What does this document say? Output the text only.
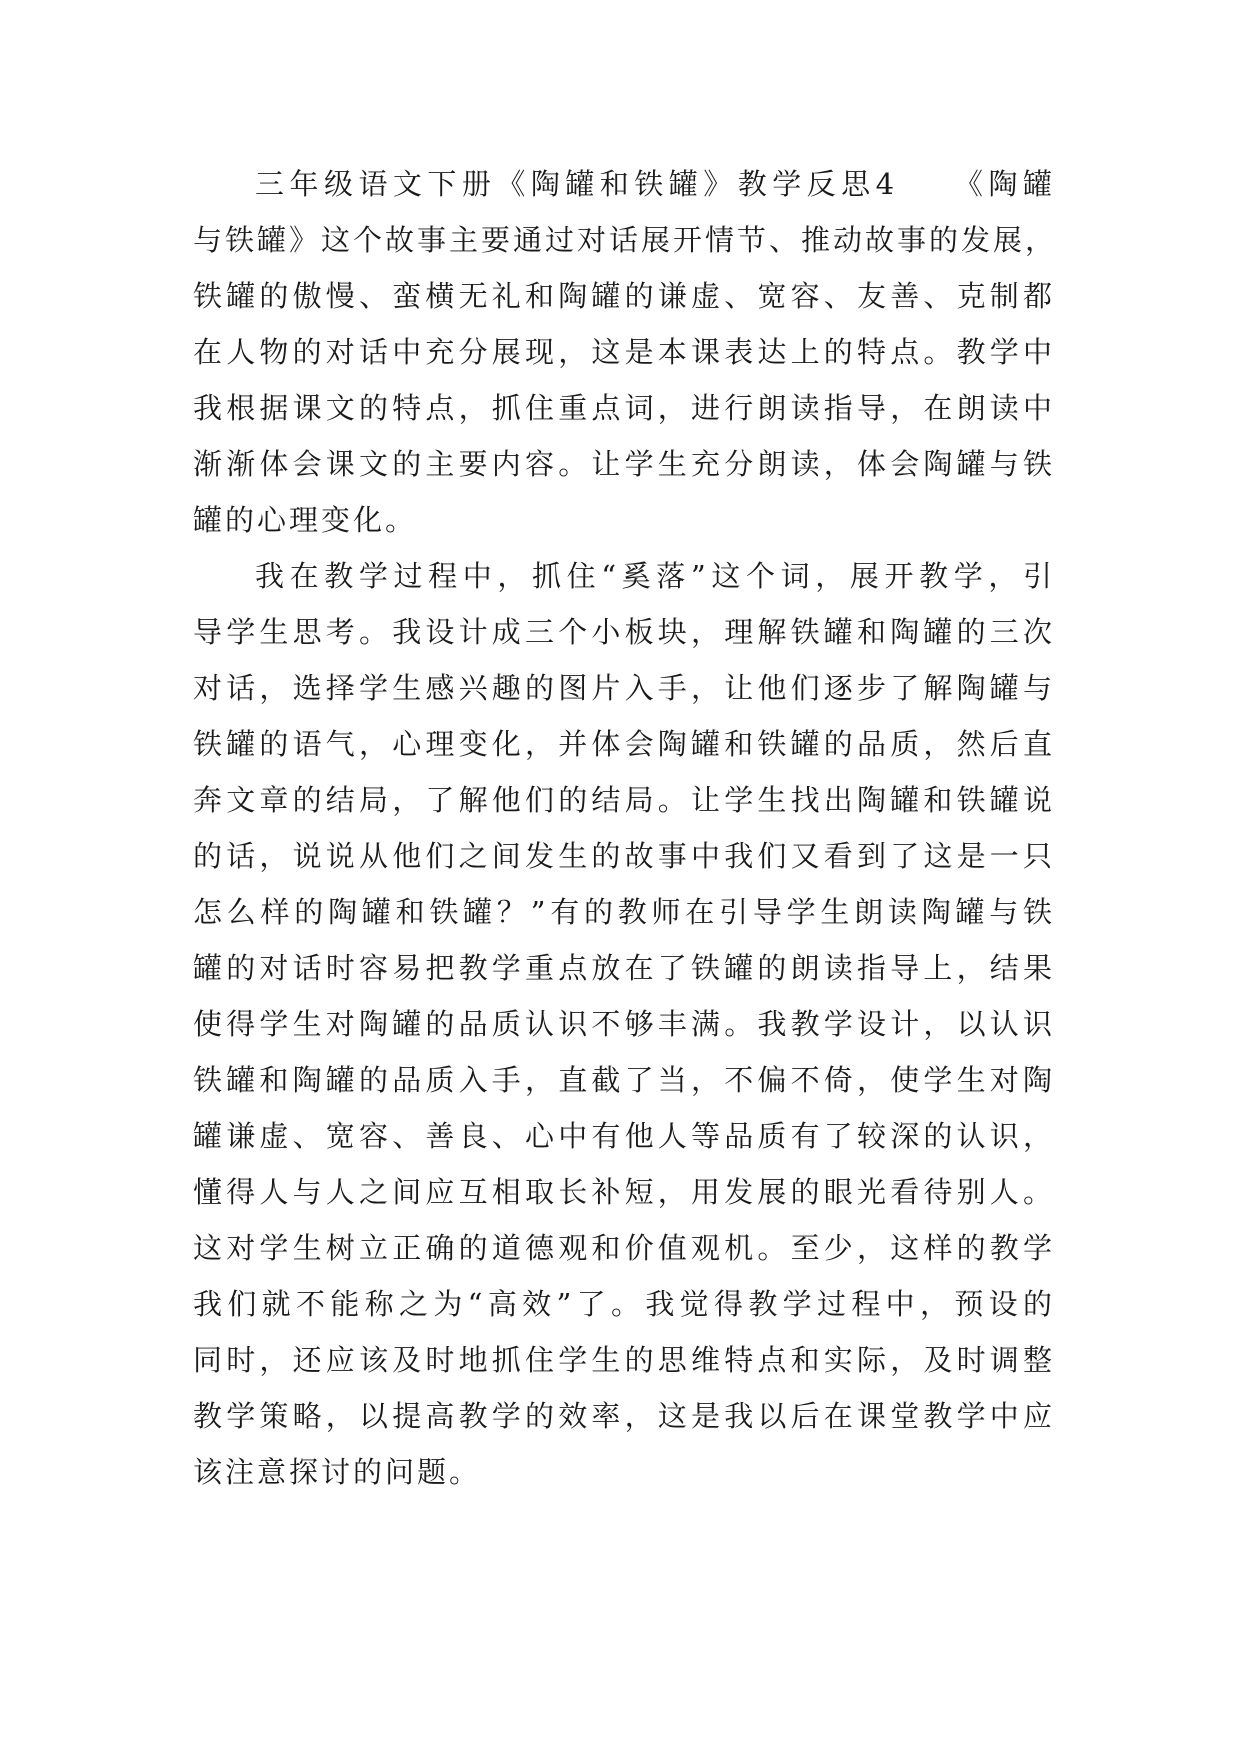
三年级语文下册《陶罐和铁罐》教学反思4　　《陶罐
与铁罐》这个故事主要通过对话展开情节、推动故事的发展，
铁罐的傲慢、蛮横无礼和陶罐的谦虚、宽容、友善、克制都
在人物的对话中充分展现，这是本课表达上的特点。教学中
我根据课文的特点，抓住重点词，进行朗读指导，在朗读中
渐渐体会课文的主要内容。让学生充分朗读，体会陶罐与铁
罐的心理变化。
我在教学过程中，抓住“奚落”这个词，展开教学，引
导学生思考。我设计成三个小板块，理解铁罐和陶罐的三次
对话，选择学生感兴趣的图片入手，让他们逐步了解陶罐与
铁罐的语气，心理变化，并体会陶罐和铁罐的品质，然后直
奔文章的结局，了解他们的结局。让学生找出陶罐和铁罐说
的话，说说从他们之间发生的故事中我们又看到了这是一只
怎么样的陶罐和铁罐？”有的教师在引导学生朗读陶罐与铁
罐的对话时容易把教学重点放在了铁罐的朗读指导上，结果
使得学生对陶罐的品质认识不够丰满。我教学设计，以认识
铁罐和陶罐的品质入手，直截了当，不偏不倚，使学生对陶
罐谦虚、宽容、善良、心中有他人等品质有了较深的认识，
懂得人与人之间应互相取长补短，用发展的眼光看待别人。
这对学生树立正确的道德观和价值观机。至少，这样的教学
我们就不能称之为“高效”了。我觉得教学过程中，预设的
同时，还应该及时地抓住学生的思维特点和实际，及时调整
教学策略，以提高教学的效率，这是我以后在课堂教学中应
该注意探讨的问题。
